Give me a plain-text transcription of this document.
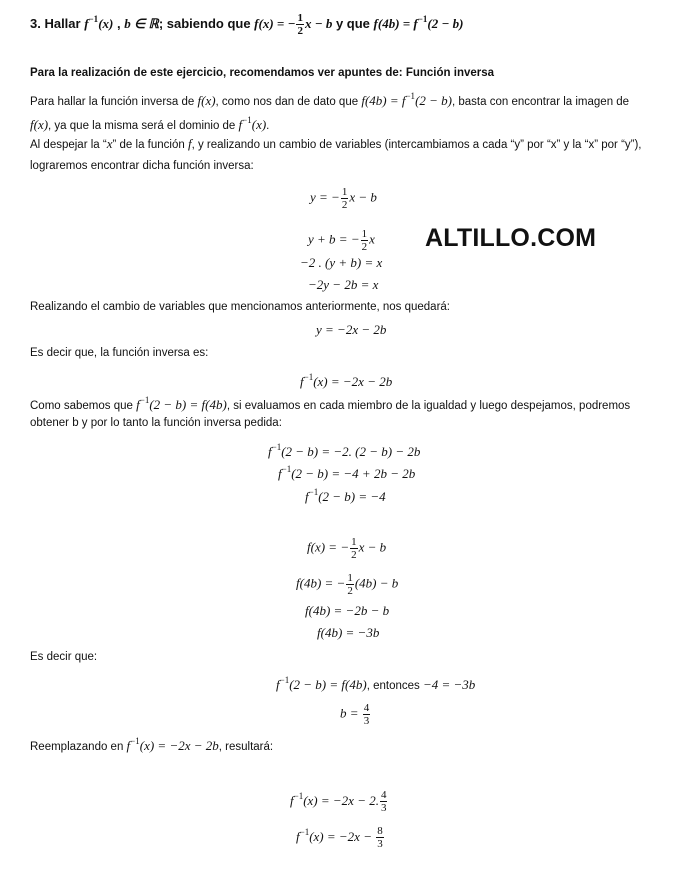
ALTILLO.COM
3. Hallar $f^{-1}(x)$ , b ∈ ℝ; sabiendo que f(x) = − $\frac{1}{2}$ x − b y que $f(4b) = f^{-1}(2 - b)$
Para la realización de este ejercicio, recomendamos ver apuntes de: Función inversa
Para hallar la función inversa de f(x), como nos dan de dato que $f(4b) = f^{-1}(2 - b)$, basta con encontrar la imagen de
f(x), ya que la misma será el dominio de $f^{-1}(x)$.
Al despejar la “x” de la función f, y realizando un cambio de variables (intercambiamos a cada “y” por “x” y la “x” por “y”),
lograremos encontrar dicha función inversa:
y = − $\frac{1}{2}$ x − b
y + b = − $\frac{1}{2}$ x
−2 . (y + b) = x
−2y − 2b = x
Realizando el cambio de variables que mencionamos anteriormente, nos quedará:
y = −2x − 2b
Es decir que, la función inversa es:
$f^{-1}(x) = -2x - 2b$
Como sabemos que $f^{-1}(2 - b) = f(4b)$, si evaluamos en cada miembro de la igualdad y luego despejamos, podremos
obtener b y por lo tanto la función inversa pedida:
$f^{-1}(2 - b) = -2$. (2 − b) − 2b
$f^{-1}(2 - b) = -4 + 2b - 2b$
$f^{-1}(2 - b) = -4$
f(x) = − $\frac{1}{2}$ x − b
f(4b) = − $\frac{1}{2} (4b) - b$
f(4b) = −2b − b
f(4b) = −3b
Es decir que:
$f^{-1}(2 - b) = f(4b)$, entonces −4 = −3b
$b = \frac{4}{3}$
Reemplazando en $f^{-1}(x) = -2x - 2b$, resultará:
$f^{-1}(x) = -2x - 2$. $\frac{4}{3}$
$f^{-1}(x) = -2x - \frac{8}{3}$
